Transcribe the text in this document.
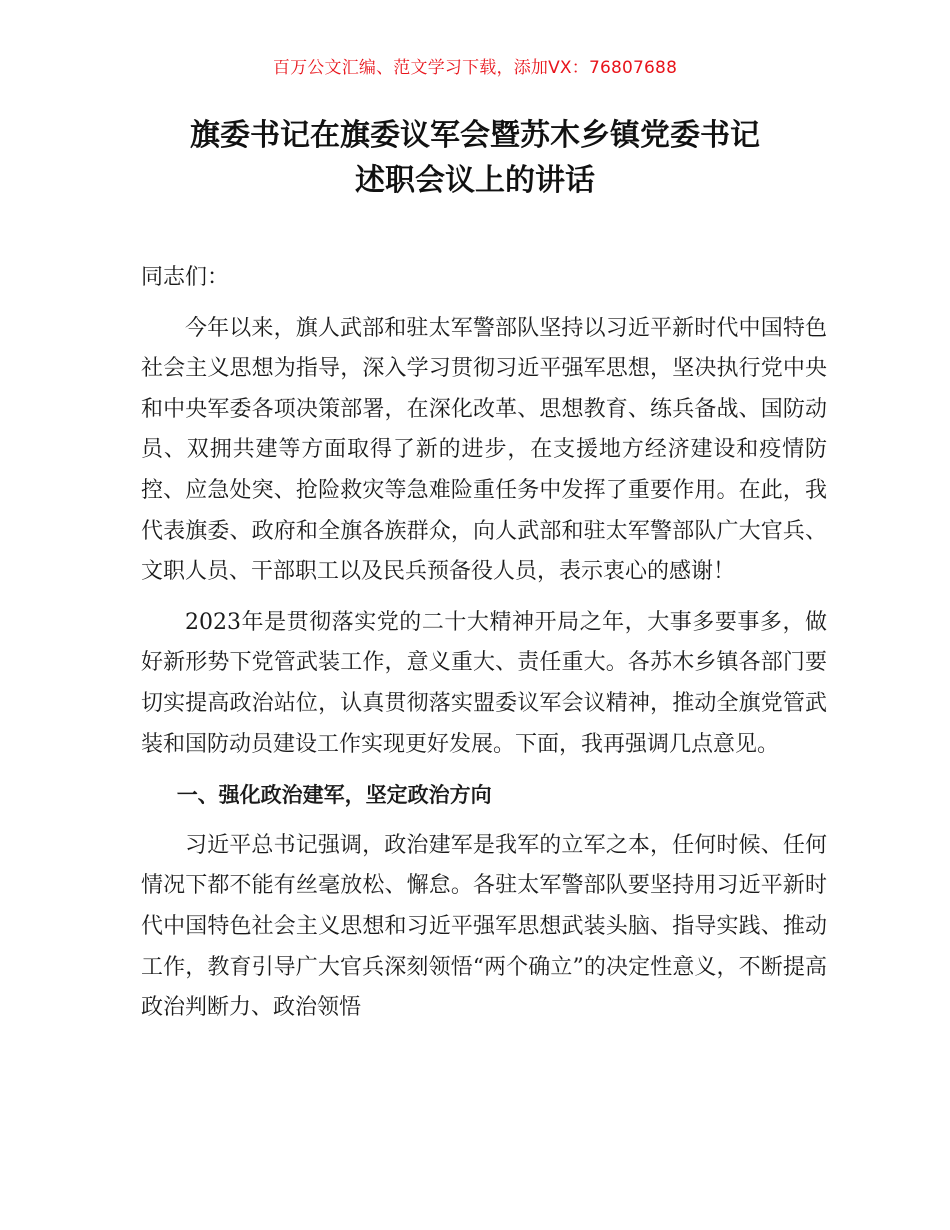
百万公文汇编、范文学习下载，添加VX：76807688
旗委书记在旗委议军会暨苏木乡镇党委书记
述职会议上的讲话

同志们：

今年以来，旗人武部和驻太军警部队坚持以习近平新时代中国特色社会主义思想为指导，深入学习贯彻习近平强军思想，坚决执行党中央和中央军委各项决策部署，在深化改革、思想教育、练兵备战、国防动员、双拥共建等方面取得了新的进步，在支援地方经济建设和疫情防控、应急处突、抢险救灾等急难险重任务中发挥了重要作用。在此，我代表旗委、政府和全旗各族群众，向人武部和驻太军警部队广大官兵、文职人员、干部职工以及民兵预备役人员，表示衷心的感谢！

2023年是贯彻落实党的二十大精神开局之年，大事多要事多，做好新形势下党管武装工作，意义重大、责任重大。各苏木乡镇各部门要切实提高政治站位，认真贯彻落实盟委议军会议精神，推动全旗党管武装和国防动员建设工作实现更好发展。下面，我再强调几点意见。

一、强化政治建军，坚定政治方向

习近平总书记强调，政治建军是我军的立军之本，任何时候、任何情况下都不能有丝毫放松、懈怠。各驻太军警部队要坚持用习近平新时代中国特色社会主义思想和习近平强军思想武装头脑、指导实践、推动工作，教育引导广大官兵深刻领悟“两个确立”的决定性意义，不断提高政治判断力、政治领悟
